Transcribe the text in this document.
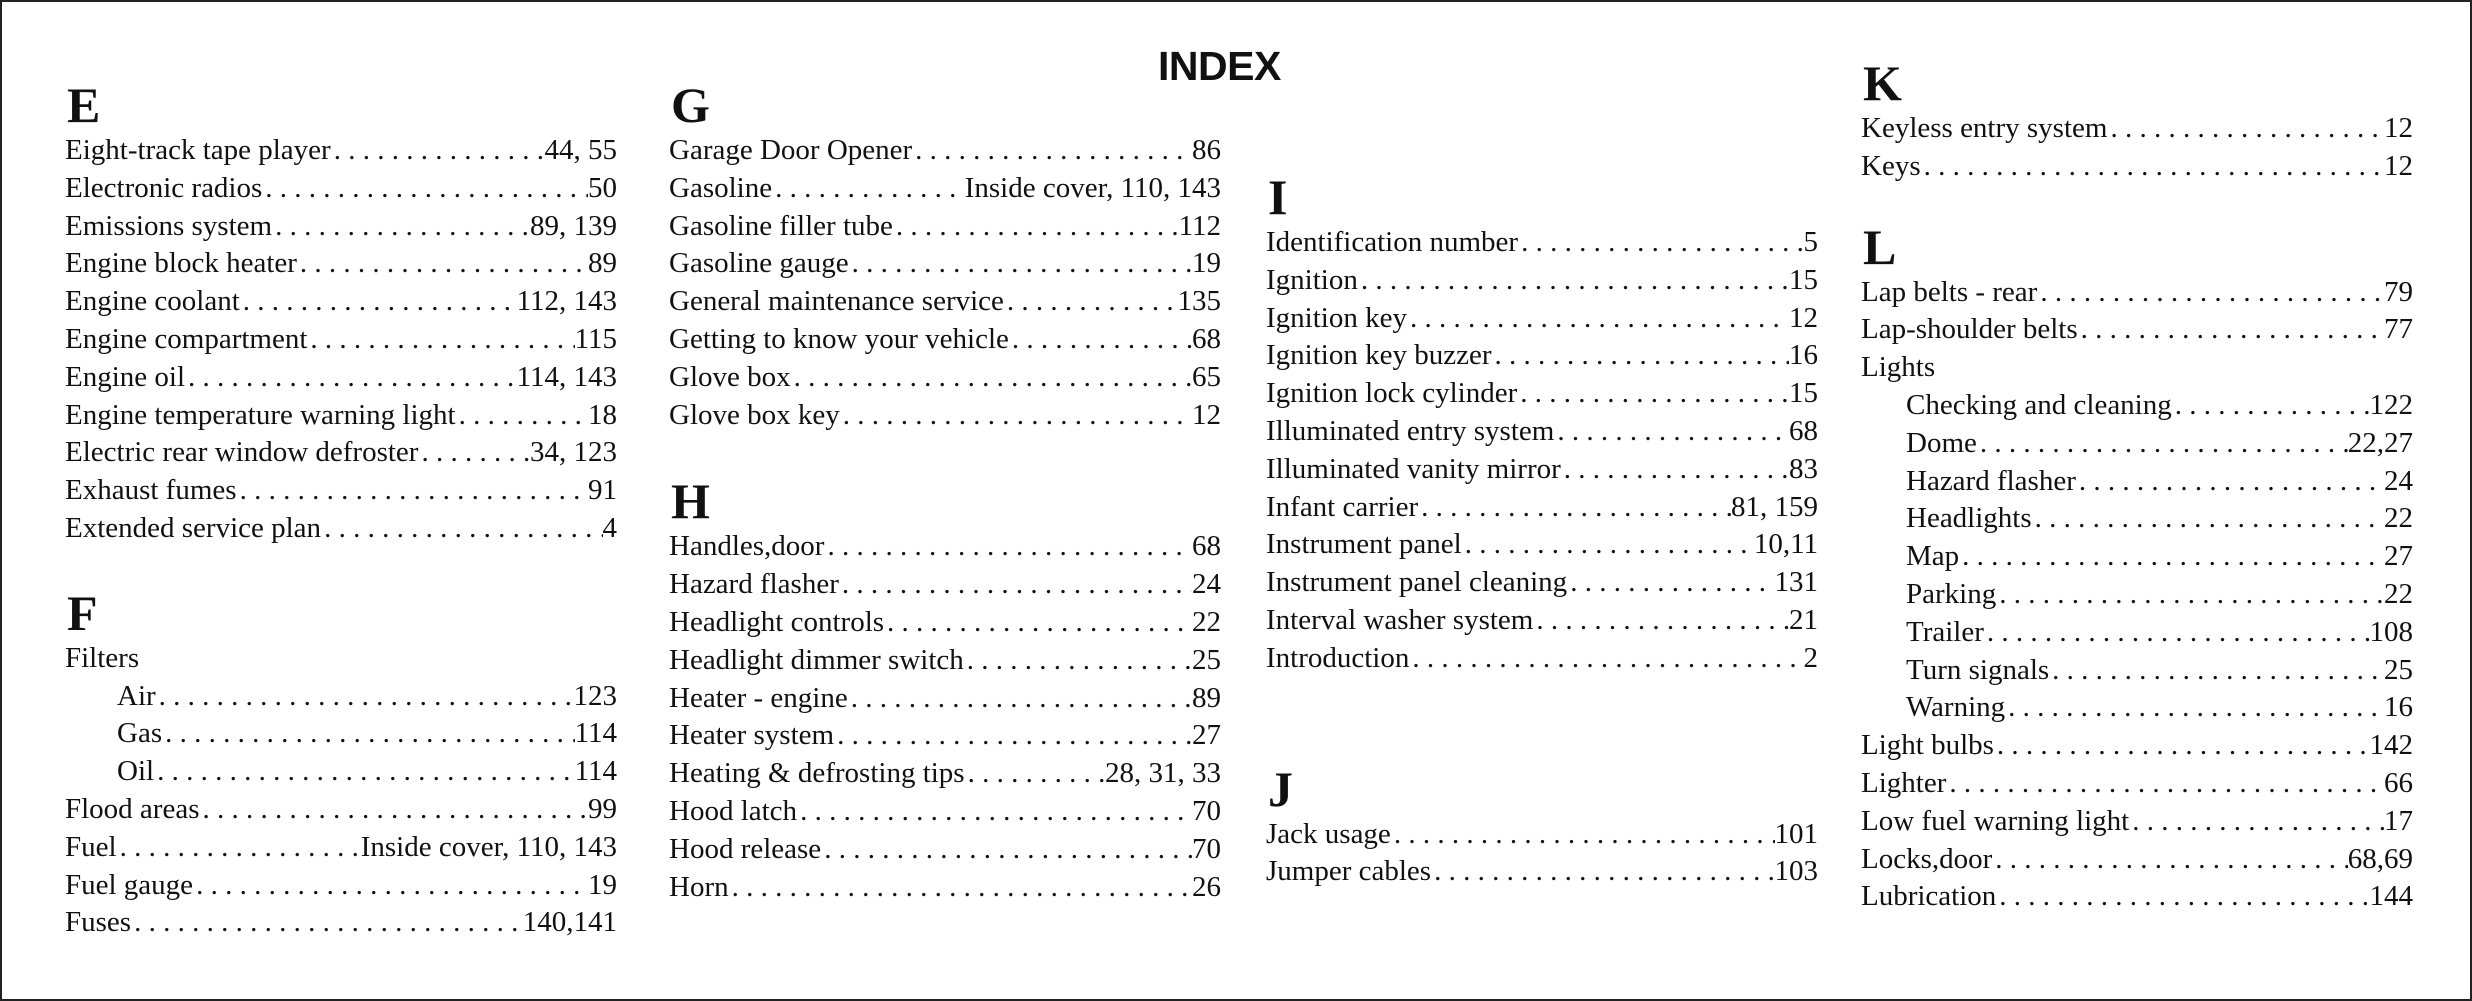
INDEX
E
Eight-track tape player . . .	44, 55
Electronic radios . . .	50
Emissions system . . .	89, 139
Engine block heater . . .	89
Engine coolant . . .	112, 143
Engine compartment . . .	115
Engine oil . . .	114, 143
Engine temperature warning light . . .	18
Electric rear window defroster . . .	34, 123
Exhaust fumes . . .	91
Extended service plan . . .	4
F
Filters
Air . . .	123
Gas . . .	114
Oil . . .	114
Flood areas . . .	99
Fuel . . .	Inside cover, 110, 143
Fuel gauge . . .	19
Fuses . . .	140,141
G
Garage Door Opener . . .	86
Gasoline . . .	Inside cover, 110, 143
Gasoline filler tube . . .	112
Gasoline gauge . . .	19
General maintenance service . . .	135
Getting to know your vehicle . . .	68
Glove box . . .	65
Glove box key . . .	12
H
Handles,door . . .	68
Hazard flasher . . .	24
Headlight controls . . .	22
Headlight dimmer switch . . .	25
Heater - engine . . .	89
Heater system . . .	27
Heating & defrosting tips . . .	28, 31, 33
Hood latch . . .	70
Hood release . . .	70
Horn . . .	26
I
Identification number . . .	5
Ignition . . .	15
Ignition key . . .	12
Ignition key buzzer . . .	16
Ignition lock cylinder . . .	15
Illuminated entry system . . .	68
Illuminated vanity mirror . . .	83
Infant carrier . . .	81, 159
Instrument panel . . .	10,11
Instrument panel cleaning . . .	131
Interval washer system . . .	21
Introduction . . .	2
J
Jack usage . . .	101
Jumper cables . . .	103
K
Keyless entry system . . .	12
Keys . . .	12
L
Lap belts - rear . . .	79
Lap-shoulder belts . . .	77
Lights
Checking and cleaning . . .	122
Dome . . .	22,27
Hazard flasher . . .	24
Headlights . . .	22
Map . . .	27
Parking . . .	22
Trailer . . .	108
Turn signals . . .	25
Warning . . .	16
Light bulbs . . .	142
Lighter . . .	66
Low fuel warning light . . .	17
Locks,door . . .	68,69
Lubrication . . .	144
